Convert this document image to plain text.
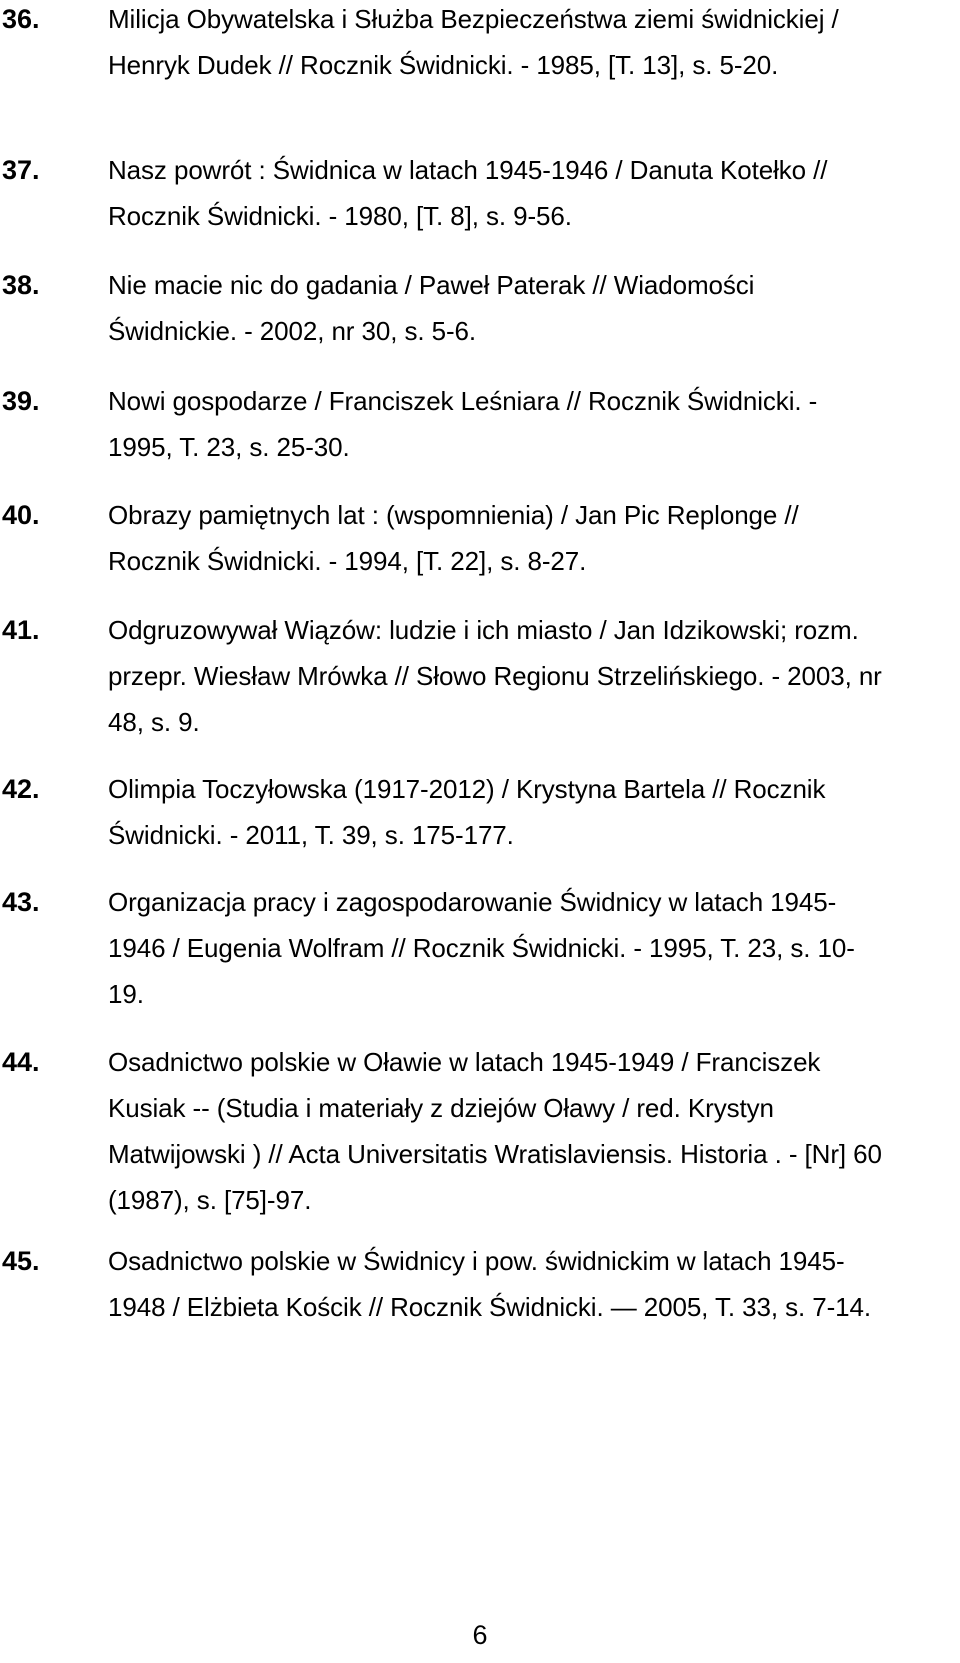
36.	Milicja Obywatelska i Służba Bezpieczeństwa ziemi świdnickiej / Henryk Dudek // Rocznik Świdnicki. - 1985, [T. 13], s. 5-20.
37.	Nasz powrót : Świdnica w latach 1945-1946 / Danuta Kotełko // Rocznik Świdnicki. - 1980, [T. 8], s. 9-56.
38.	Nie macie nic do gadania / Paweł Paterak // Wiadomości Świdnickie. - 2002, nr 30, s. 5-6.
39.	Nowi gospodarze / Franciszek Leśniara // Rocznik Świdnicki. - 1995, T. 23, s. 25-30.
40.	Obrazy pamiętnych lat : (wspomnienia) / Jan Pic Replonge // Rocznik Świdnicki. - 1994, [T. 22], s. 8-27.
41.	Odgruzowywał Wiązów: ludzie i ich miasto / Jan Idzikowski; rozm. przepr. Wiesław Mrówka // Słowo Regionu Strzelińskiego. - 2003, nr 48, s. 9.
42.	Olimpia Toczyłowska (1917-2012) / Krystyna Bartela // Rocznik Świdnicki. - 2011, T. 39, s. 175-177.
43.	Organizacja pracy i zagospodarowanie Świdnicy w latach 1945-1946 / Eugenia Wolfram // Rocznik Świdnicki. - 1995, T. 23, s. 10-19.
44.	Osadnictwo polskie w Oławie w latach 1945-1949 / Franciszek Kusiak -- (Studia i materiały z dziejów Oławy / red. Krystyn Matwijowski ) // Acta Universitatis Wratislaviensis. Historia . - [Nr] 60 (1987), s. [75]-97.
45.	Osadnictwo polskie w Świdnicy i pow. świdnickim w latach 1945-1948 / Elżbieta Kościk // Rocznik Świdnicki. — 2005, T. 33, s. 7-14.
6
